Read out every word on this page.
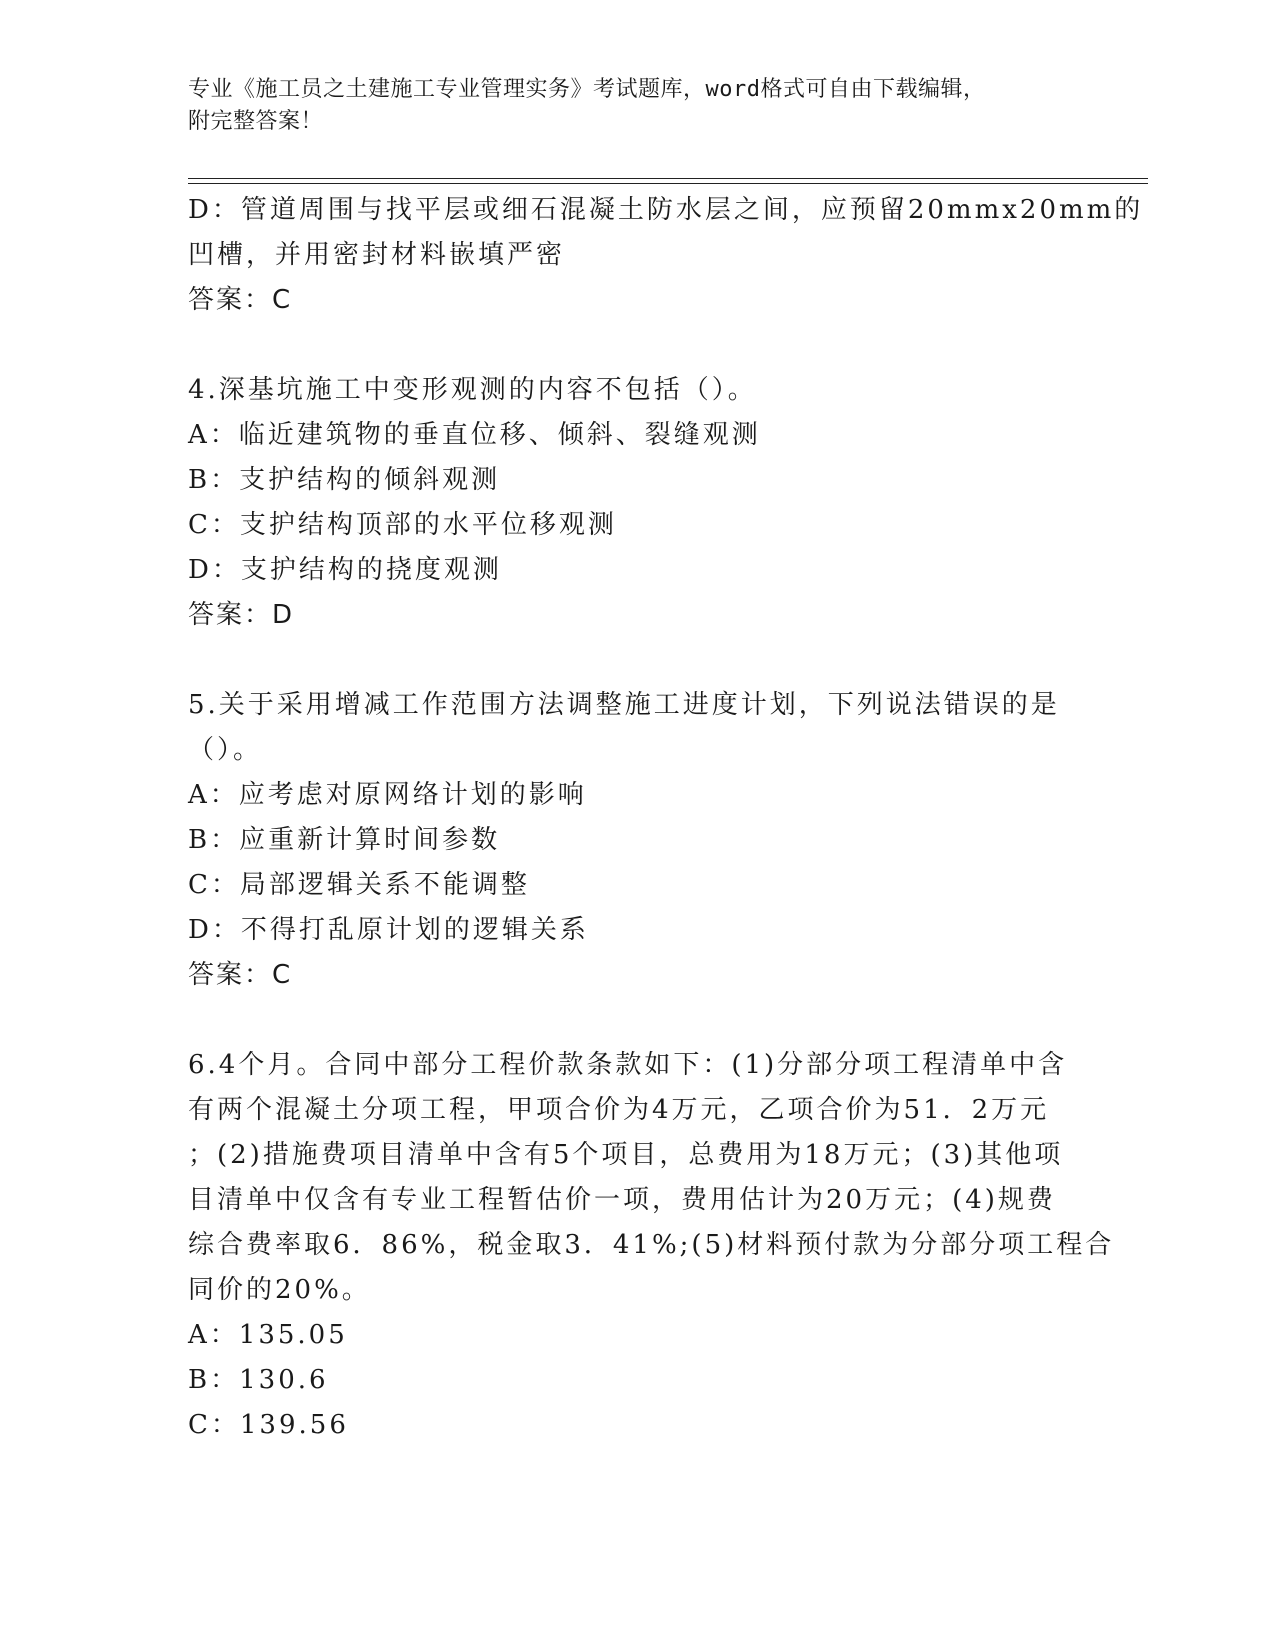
专业《施工员之土建施工专业管理实务》考试题库，word格式可自由下载编辑，

附完整答案！

D：管道周围与找平层或细石混凝土防水层之间，应预留20mmx20mm的

凹槽，并用密封材料嵌填严密

答案：C

4.深基坑施工中变形观测的内容不包括（）。

A：临近建筑物的垂直位移、倾斜、裂缝观测

B：支护结构的倾斜观测

C：支护结构顶部的水平位移观测

D：支护结构的挠度观测

答案：D

5.关于采用增减工作范围方法调整施工进度计划，下列说法错误的是

（）。

A：应考虑对原网络计划的影响

B：应重新计算时间参数

C：局部逻辑关系不能调整

D：不得打乱原计划的逻辑关系

答案：C

6.4个月。合同中部分工程价款条款如下：(1)分部分项工程清单中含

有两个混凝土分项工程，甲项合价为4万元，乙项合价为51．2万元

；(2)措施费项目清单中含有5个项目，总费用为18万元；(3)其他项

目清单中仅含有专业工程暂估价一项，费用估计为20万元；(4)规费

综合费率取6．86%，税金取3．41%;(5)材料预付款为分部分项工程合

同价的20%。

A：135.05

B：130.6

C：139.56
